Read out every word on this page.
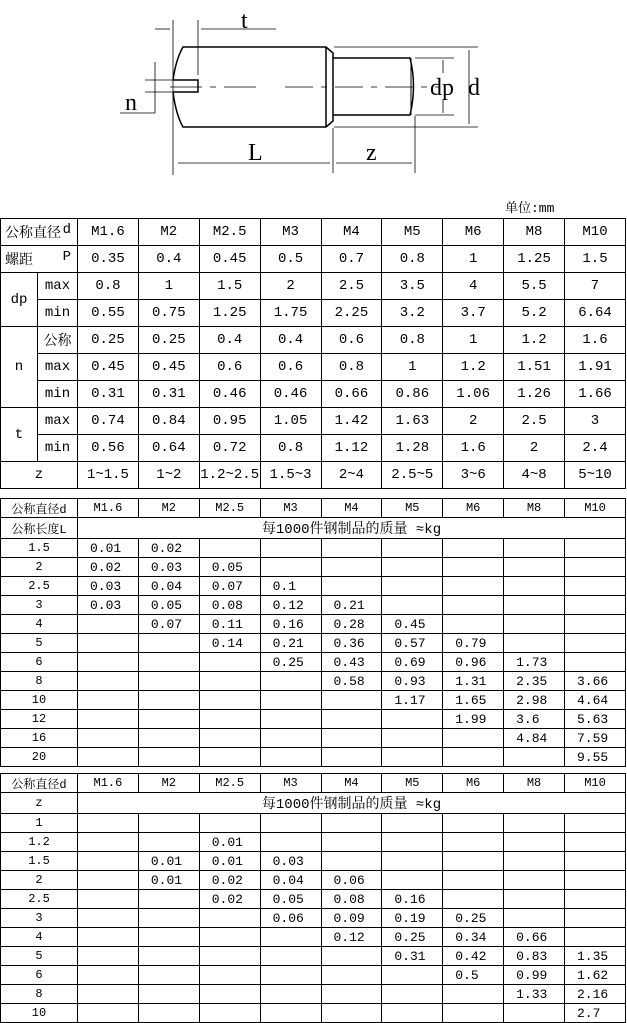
t
n
L	z
dp d
单位:mm
公称直径 d		M1.6	M2	M2.5	M3	M4	M5	M6	M8	M10

螺距 P		0.35	0.4	0.45	0.5	0.7	0.8	1	1.25	1.5
dp	max	0.8	1	1.5	2	2.5	3.5	4	5.5	7
	min	0.55	0.75	1.25	1.75	2.25	3.2	3.7	5.2	6.64
n	公称	0.25	0.25	0.4	0.4	0.6	0.8	1	1.2	1.6
	max	0.45	0.45	0.6	0.6	0.8	1	1.2	1.51	1.91
	min	0.31	0.31	0.46	0.46	0.66	0.86	1.06	1.26	1.66
t	max	0.74	0.84	0.95	1.05	1.42	1.63	2	2.5	3
	min	0.56	0.64	0.72	0.8	1.12	1.28	1.6	2	2.4
z		1~1.5	1~2	1.2~2.5	1.5~3	2~4	2.5~5	3~6	4~8	5~10
公称直径d	M1.6	M2	M2.5	M3	M4	M5	M6	M8	M10
公称长度L	每1000件钢制品的质量 ≈kg								
1.5	0.01	0.02							
2	0.02	0.03	0.05						
2.5	0.03	0.04	0.07	0.1					
3	0.03	0.05	0.08	0.12	0.21				
4		0.07	0.11	0.16	0.28	0.45			
5			0.14	0.21	0.36	0.57	0.79		
6				0.25	0.43	0.69	0.96	1.73	
8					0.58	0.93	1.31	2.35	3.66
10						1.17	1.65	2.98	4.64
12							1.99	3.6	5.63
16								4.84	7.59
20									9.55
公称直径d	M1.6	M2	M2.5	M3	M4	M5	M6	M8	M10
z	每1000件钢制品的质量 ≈kg								
1									
1.2			0.01						
1.5		0.01	0.01	0.03					
2		0.01	0.02	0.04	0.06				
2.5			0.02	0.05	0.08	0.16			
3				0.06	0.09	0.19	0.25		
4					0.12	0.25	0.34	0.66	
5						0.31	0.42	0.83	1.35
6							0.5	0.99	1.62
8								1.33	2.16
10									2.7
